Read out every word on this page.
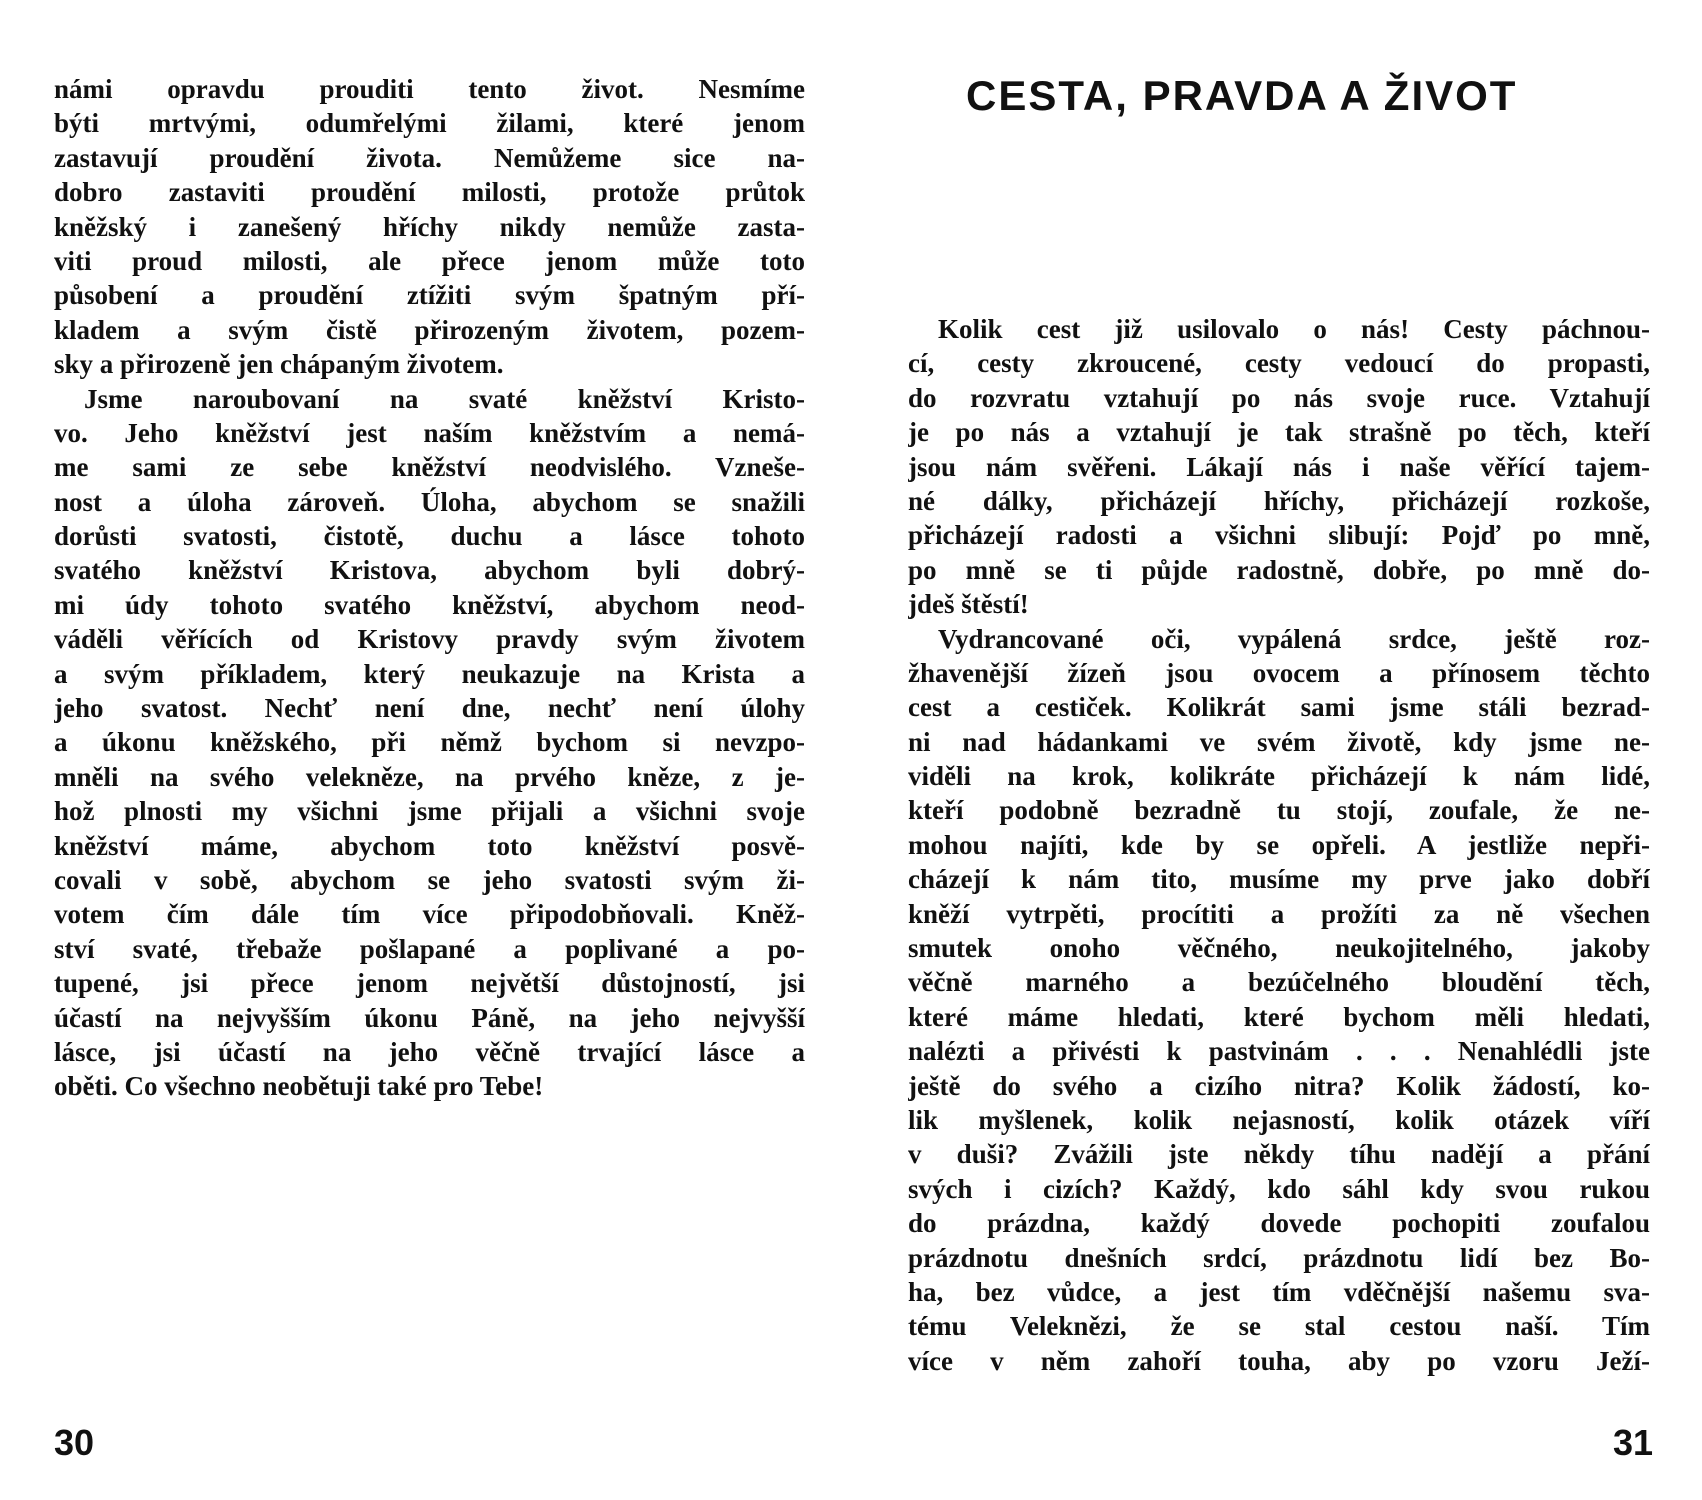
námi opravdu prouditi tento život. Nesmíme
býti mrtvými, odumřelými žilami, které jenom
zastavují proudění života. Nemůžeme sice na-
dobro zastaviti proudění milosti, protože průtok
kněžský i zanešený hříchy nikdy nemůže zasta-
viti proud milosti, ale přece jenom může toto
působení a proudění ztížiti svým špatným pří-
kladem a svým čistě přirozeným životem, pozem-
sky a přirozeně jen chápaným životem.
Jsme naroubovaní na svaté kněžství Kristo-
vo. Jeho kněžství jest naším kněžstvím a nemá-
me sami ze sebe kněžství neodvislého. Vzneše-
nost a úloha zároveň. Úloha, abychom se snažili
dorůsti svatosti, čistotě, duchu a lásce tohoto
svatého kněžství Kristova, abychom byli dobrý-
mi údy tohoto svatého kněžství, abychom neod-
váděli věřících od Kristovy pravdy svým životem
a svým příkladem, který neukazuje na Krista a
jeho svatost. Nechť není dne, nechť není úlohy
a úkonu kněžského, při němž bychom si nevzpo-
mněli na svého velekněze, na prvého kněze, z je-
hož plnosti my všichni jsme přijali a všichni svoje
kněžství máme, abychom toto kněžství posvě-
covali v sobě, abychom se jeho svatosti svým ži-
votem čím dále tím více připodobňovali. Kněž-
ství svaté, třebaže pošlapané a poplivané a po-
tupené, jsi přece jenom největší důstojností, jsi
účastí na nejvyšším úkonu Páně, na jeho nejvyšší
lásce, jsi účastí na jeho věčně trvající lásce a
oběti. Co všechno neobětuji také pro Tebe!
30
CESTA, PRAVDA A ŽIVOT
Kolik cest již usilovalo o nás! Cesty páchnou-
cí, cesty zkroucené, cesty vedoucí do propasti,
do rozvratu vztahují po nás svoje ruce. Vztahují
je po nás a vztahují je tak strašně po těch, kteří
jsou nám svěřeni. Lákají nás i naše věřící tajem-
né dálky, přicházejí hříchy, přicházejí rozkoše,
přicházejí radosti a všichni slibují: Pojď po mně,
po mně se ti půjde radostně, dobře, po mně do-
jdeš štěstí!
Vydrancované oči, vypálená srdce, ještě roz-
žhavenější žízeň jsou ovocem a přínosem těchto
cest a cestiček. Kolikrát sami jsme stáli bezrad-
ni nad hádankami ve svém životě, kdy jsme ne-
viděli na krok, kolikráte přicházejí k nám lidé,
kteří podobně bezradně tu stojí, zoufale, že ne-
mohou najíti, kde by se opřeli. A jestliže nepři-
cházejí k nám tito, musíme my prve jako dobří
kněží vytrpěti, procítiti a prožíti za ně všechen
smutek onoho věčného, neukojitelného, jakoby
věčně marného a bezúčelného bloudění těch,
které máme hledati, které bychom měli hledati,
nalézti a přivésti k pastvinám . . . Nenahlédli jste
ještě do svého a cizího nitra? Kolik žádostí, ko-
lik myšlenek, kolik nejasností, kolik otázek víří
v duši? Zvážili jste někdy tíhu nadějí a přání
svých i cizích? Každý, kdo sáhl kdy svou rukou
do prázdna, každý dovede pochopiti zoufalou
prázdnotu dnešních srdcí, prázdnotu lidí bez Bo-
ha, bez vůdce, a jest tím vděčnější našemu sva-
tému Veleknězi, že se stal cestou naší. Tím
více v něm zahoří touha, aby po vzoru Ježí-
31
